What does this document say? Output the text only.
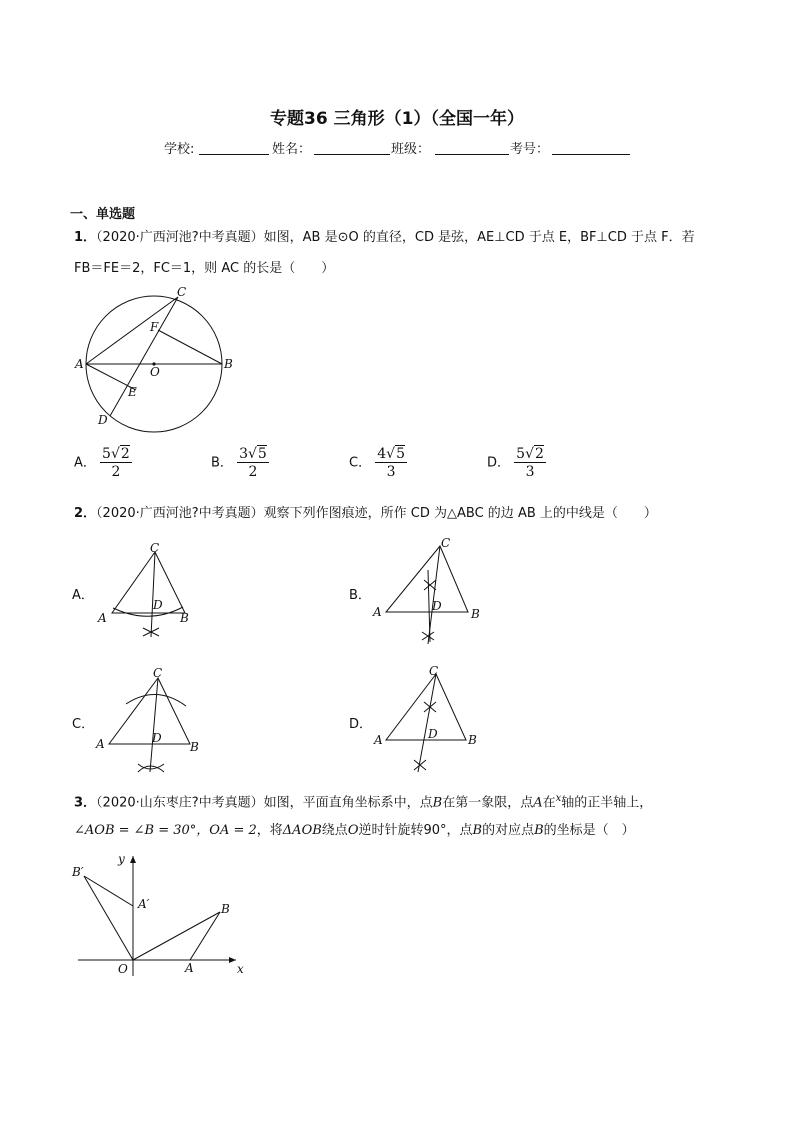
专题36 三角形（1）（全国一年）
学校:	姓名：	班级：	考号：
一、单选题
1．（2020·广西河池?中考真题）如图，AB 是⊙O 的直径，CD 是弦，AE⊥CD 于点 E，BF⊥CD 于点 F．若
FB＝FE＝2，FC＝1，则 AC 的长是（　　）
C
F
A
O
B
E
D
A． $\frac{5√2}{2}$	B． $\frac{3√5}{2}$	C． $\frac{4√5}{3}$	D． $\frac{5√2}{3}$
2．（2020·广西河池?中考真题）观察下列作图痕迹，所作 CD 为△ABC 的边 AB 上的中线是（　　）
A．
C
D
A	B
B．
C
D
A	B
C．
C
D
A	B
D．
C
D
A	B
3．（2020·山东枣庄?中考真题）如图，平面直角坐标系中，点B在第一象限，点A在$^x$轴的正半轴上，
∠AOB = ∠B = 30°，OA = 2，将ΔAOB绕点O逆时针旋转90°，点B的对应点B的坐标是（　）
B′
y
A′	B
O	A	x
